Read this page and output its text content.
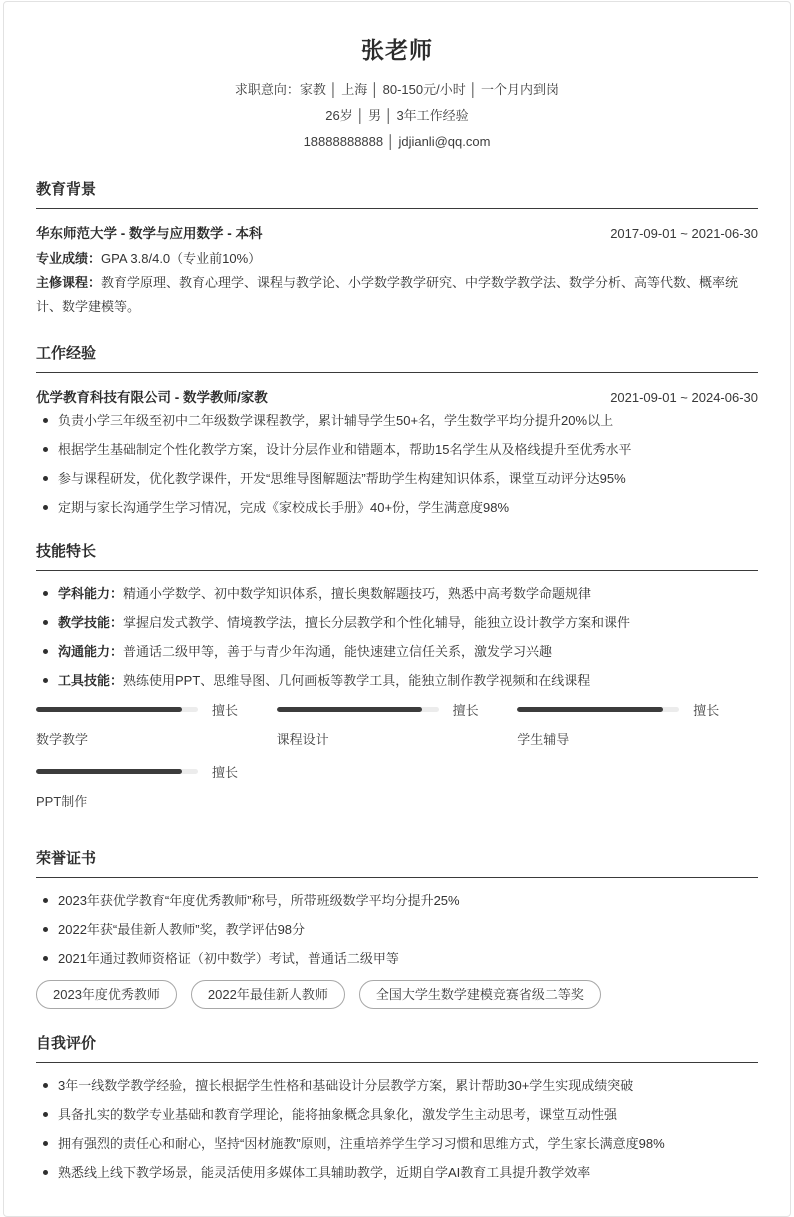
张老师
求职意向：家教 │ 上海 │ 80-150元/小时 │ 一个月内到岗
26岁 │ 男 │ 3年工作经验
18888888888 │ jdjianli@qq.com
教育背景
华东师范大学 - 数学与应用数学 - 本科	2017-09-01 ~ 2021-06-30
专业成绩：GPA 3.8/4.0（专业前10%）
主修课程：教育学原理、教育心理学、课程与教学论、小学数学教学研究、中学数学教学法、数学分析、高等代数、概率统计、数学建模等。
工作经验
优学教育科技有限公司 - 数学教师/家教	2021-09-01 ~ 2024-06-30
负责小学三年级至初中二年级数学课程教学，累计辅导学生50+名，学生数学平均分提升20%以上
根据学生基础制定个性化教学方案，设计分层作业和错题本，帮助15名学生从及格线提升至优秀水平
参与课程研发，优化教学课件，开发“思维导图解题法”帮助学生构建知识体系，课堂互动评分达95%
定期与家长沟通学生学习情况，完成《家校成长手册》40+份，学生满意度98%
技能特长
学科能力：精通小学数学、初中数学知识体系，擅长奥数解题技巧，熟悉中高考数学命题规律
教学技能：掌握启发式教学、情境教学法，擅长分层教学和个性化辅导，能独立设计教学方案和课件
沟通能力：普通话二级甲等，善于与青少年沟通，能快速建立信任关系，激发学习兴趣
工具技能：熟练使用PPT、思维导图、几何画板等教学工具，能独立制作教学视频和在线课程
擅长
数学教学
擅长
课程设计
擅长
学生辅导
擅长
PPT制作
荣誉证书
2023年获优学教育“年度优秀教师”称号，所带班级数学平均分提升25%
2022年获“最佳新人教师”奖，教学评估98分
2021年通过教师资格证（初中数学）考试，普通话二级甲等
2023年度优秀教师	2022年最佳新人教师	全国大学生数学建模竞赛省级二等奖
自我评价
3年一线数学教学经验，擅长根据学生性格和基础设计分层教学方案，累计帮助30+学生实现成绩突破
具备扎实的数学专业基础和教育学理论，能将抽象概念具象化，激发学生主动思考，课堂互动性强
拥有强烈的责任心和耐心，坚持“因材施教”原则，注重培养学生学习习惯和思维方式，学生家长满意度98%
熟悉线上线下教学场景，能灵活使用多媒体工具辅助教学，近期自学AI教育工具提升教学效率
